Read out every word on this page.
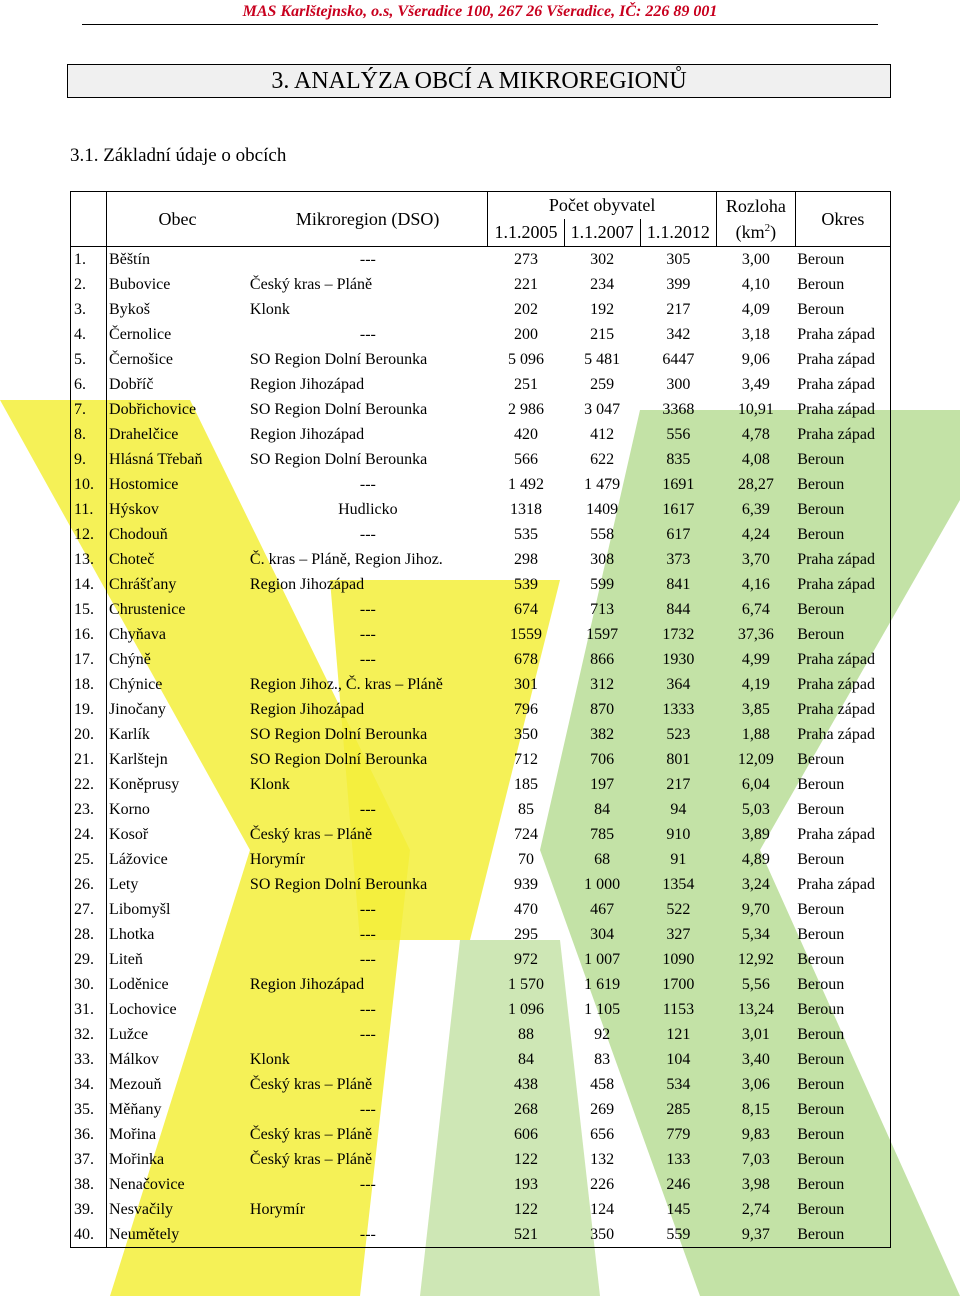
MAS Karlštejnsko, o.s, Všeradice 100, 267 26 Všeradice, IČ: 226 89 001
3. ANALÝZA OBCÍ A MIKROREGIONŮ
3.1. Základní údaje o obcích
	Obec	Mikroregion (DSO)	Počet obyvatel			Rozloha
$(km^2)$	Okres
			1.1.2005	1.1.2007	1.1.2012		
1.	Běštín	---	273	302	305	3,00	Beroun
2.	Bubovice	Český kras – Pláně	221	234	399	4,10	Beroun
3.	Bykoš	Klonk	202	192	217	4,09	Beroun
4.	Černolice	---	200	215	342	3,18	Praha západ
5.	Černošice	SO Region Dolní Berounka	5 096	5 481	6447	9,06	Praha západ
6.	Dobříč	Region Jihozápad	251	259	300	3,49	Praha západ
7.	Dobřichovice	SO Region Dolní Berounka	2 986	3 047	3368	10,91	Praha západ
8.	Drahelčice	Region Jihozápad	420	412	556	4,78	Praha západ
9.	Hlásná Třebaň	SO Region Dolní Berounka	566	622	835	4,08	Beroun
10.	Hostomice	---	1 492	1 479	1691	28,27	Beroun
11.	Hýskov	Hudlicko	1318	1409	1617	6,39	Beroun
12.	Chodouň	---	535	558	617	4,24	Beroun
13.	Choteč	Č. kras – Pláně, Region Jihoz.	298	308	373	3,70	Praha západ
14.	Chrášťany	Region Jihozápad	539	599	841	4,16	Praha západ
15.	Chrustenice	---	674	713	844	6,74	Beroun
16.	Chyňava	---	1559	1597	1732	37,36	Beroun
17.	Chýně	---	678	866	1930	4,99	Praha západ
18.	Chýnice	Region Jihoz., Č. kras – Pláně	301	312	364	4,19	Praha západ
19.	Jinočany	Region Jihozápad	796	870	1333	3,85	Praha západ
20.	Karlík	SO Region Dolní Berounka	350	382	523	1,88	Praha západ
21.	Karlštejn	SO Region Dolní Berounka	712	706	801	12,09	Beroun
22.	Koněprusy	Klonk	185	197	217	6,04	Beroun
23.	Korno	---	85	84	94	5,03	Beroun
24.	Kosoř	Český kras – Pláně	724	785	910	3,89	Praha západ
25.	Lážovice	Horymír	70	68	91	4,89	Beroun
26.	Lety	SO Region Dolní Berounka	939	1 000	1354	3,24	Praha západ
27.	Libomyšl	---	470	467	522	9,70	Beroun
28.	Lhotka	---	295	304	327	5,34	Beroun
29.	Liteň	---	972	1 007	1090	12,92	Beroun
30.	Loděnice	Region Jihozápad	1 570	1 619	1700	5,56	Beroun
31.	Lochovice	---	1 096	1 105	1153	13,24	Beroun
32.	Lužce	---	88	92	121	3,01	Beroun
33.	Málkov	Klonk	84	83	104	3,40	Beroun
34.	Mezouň	Český kras – Pláně	438	458	534	3,06	Beroun
35.	Měňany	---	268	269	285	8,15	Beroun
36.	Mořina	Český kras – Pláně	606	656	779	9,83	Beroun
37.	Mořinka	Český kras – Pláně	122	132	133	7,03	Beroun
38.	Nenačovice	---	193	226	246	3,98	Beroun
39.	Nesvačily	Horymír	122	124	145	2,74	Beroun
40.	Neumětely	---	521	350	559	9,37	Beroun
